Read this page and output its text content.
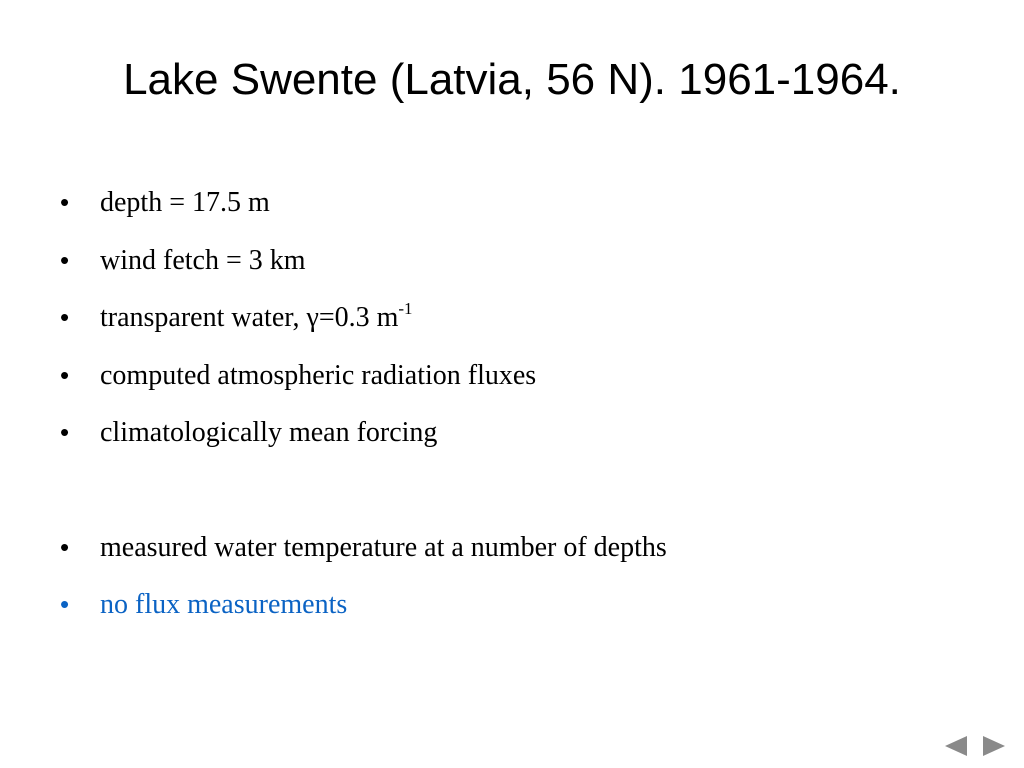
Lake Swente (Latvia, 56 N). 1961-1964.
•	depth = 17.5 m
•	wind fetch = 3 km
•	transparent water, γ=0.3 $m^{-1}$
•	computed atmospheric radiation fluxes
•	climatologically mean forcing
•	measured water temperature at a number of depths
•	no flux measurements
